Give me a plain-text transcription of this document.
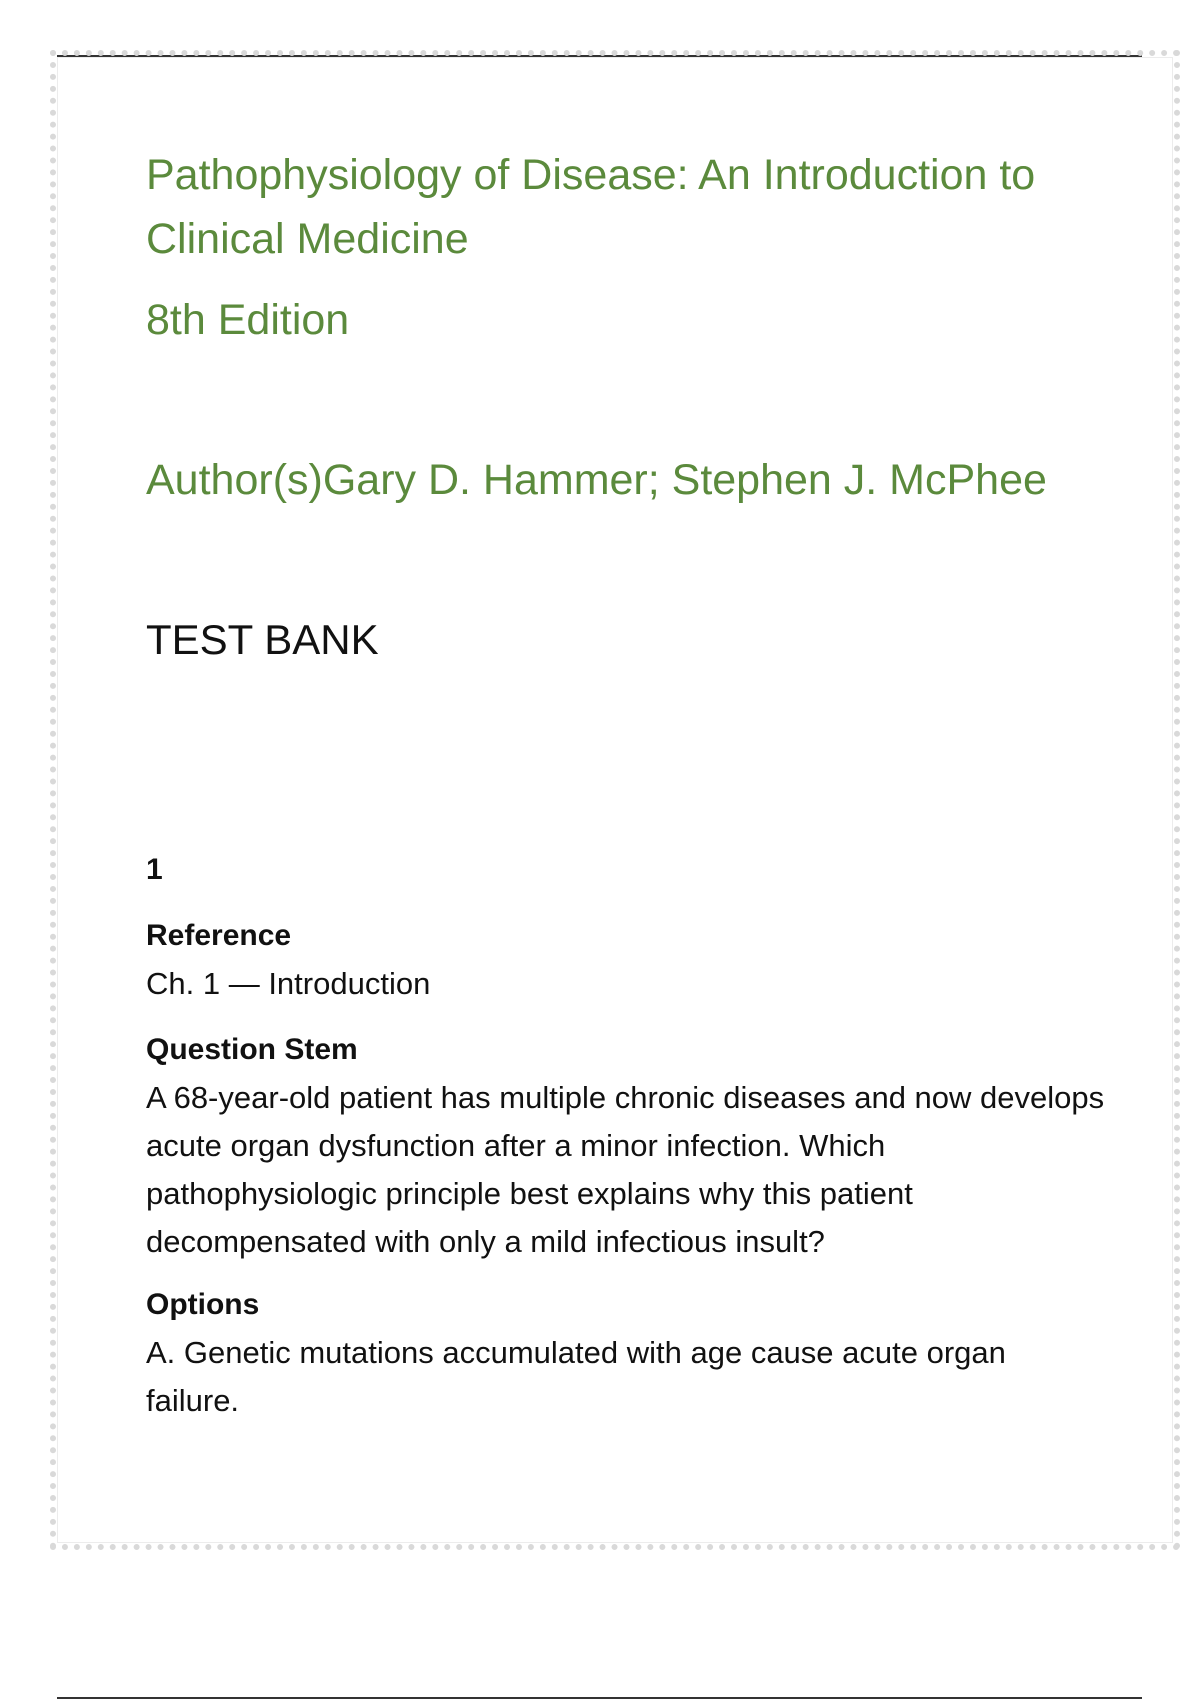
Pathophysiology of Disease: An Introduction to Clinical Medicine
8th Edition
Author(s)Gary D. Hammer; Stephen J. McPhee
TEST BANK
1
Reference
Ch. 1 — Introduction
Question Stem
A 68-year-old patient has multiple chronic diseases and now develops acute organ dysfunction after a minor infection. Which pathophysiologic principle best explains why this patient decompensated with only a mild infectious insult?
Options
A. Genetic mutations accumulated with age cause acute organ failure.
